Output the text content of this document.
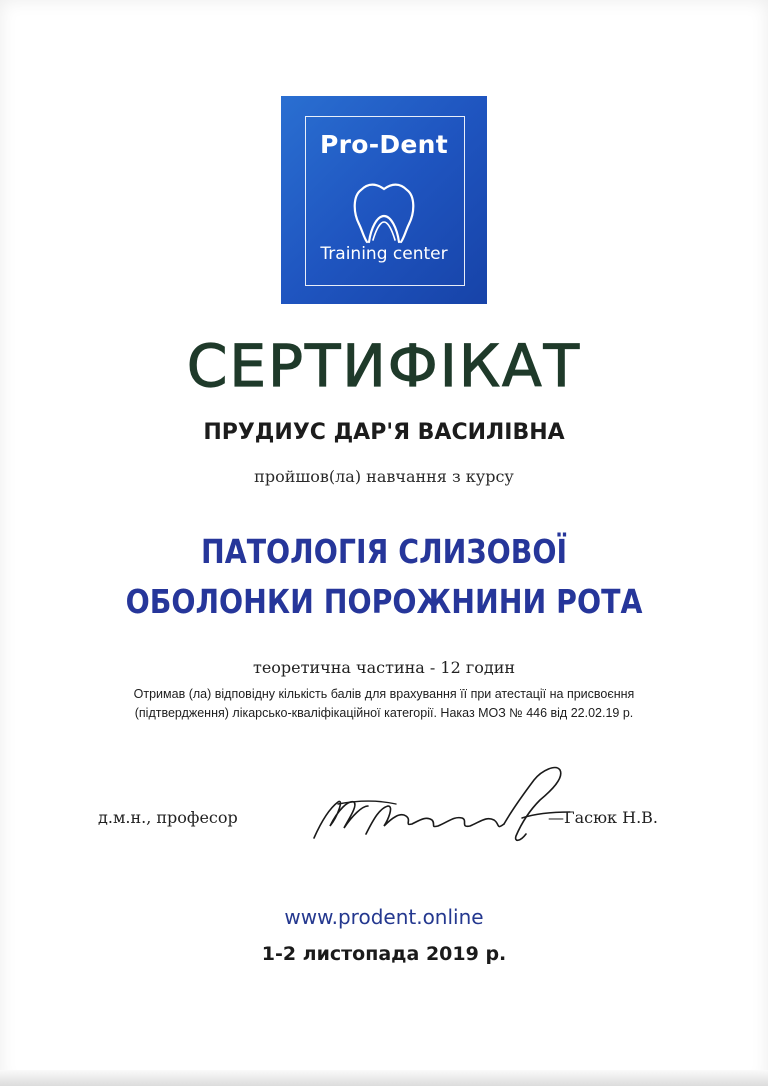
Pro-Dent
Training center
СЕРТИФІКАТ
ПРУДИУС ДАР'Я ВАСИЛІВНА
пройшов(ла) навчання з курсу
ПАТОЛОГІЯ СЛИЗОВОЇ
ОБОЛОНКИ ПОРОЖНИНИ РОТА
теоретична частина - 12 годин
Отримав (ла) відповідну кількість балів для врахування її при атестації на присвоєння
(підтвердження) лікарсько-кваліфікаційної категорії. Наказ МОЗ № 446 від 22.02.19 р.
д.м.н., професор	—Гасюк Н.В.
www.prodent.online
1-2 листопада 2019 р.
